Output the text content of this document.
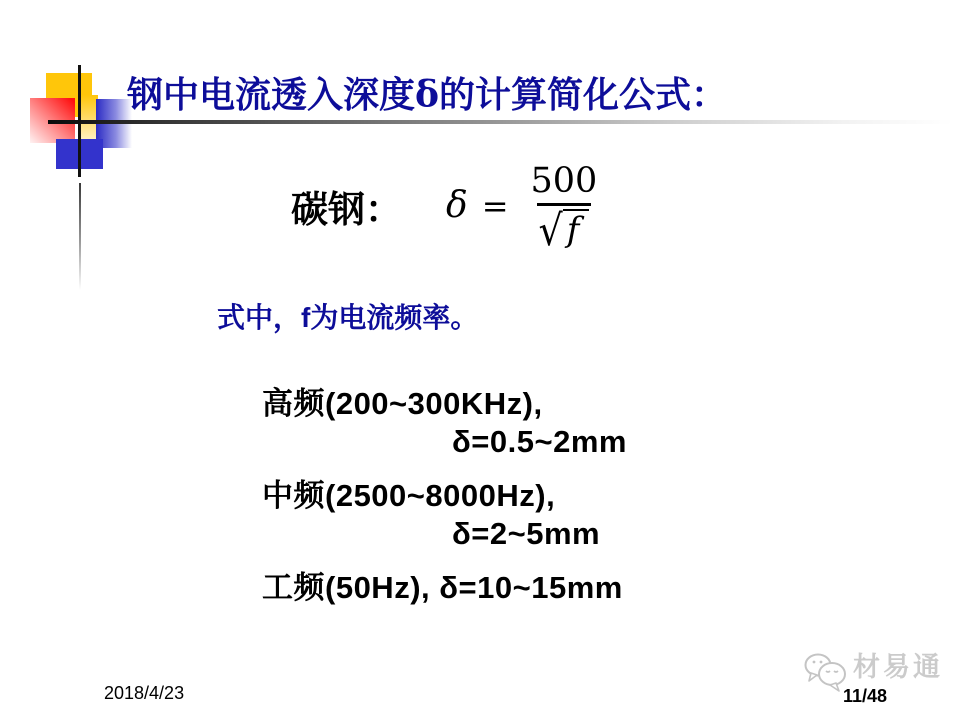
钢中电流透入深度δ的计算简化公式：
碳钢： $\delta = \frac{500}{√ f}$
式中，f为电流频率。
高频(200~300KHz),
δ=0.5~2mm
中频(2500~8000Hz),
δ=2~5mm
工频(50Hz), δ=10~15mm
2018/4/23
材易通
11/48
